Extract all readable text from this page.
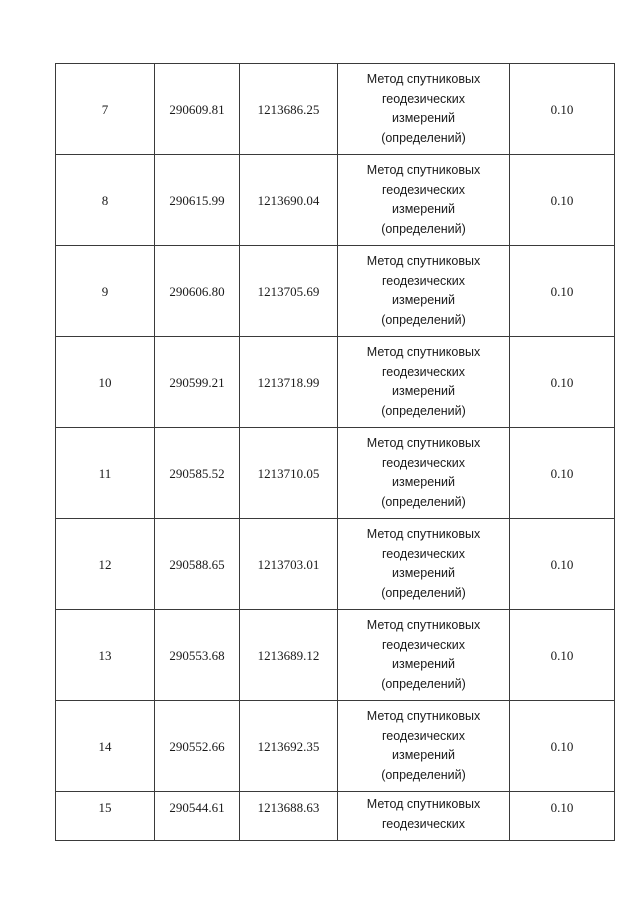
7	290609.81	1213686.25	Метод спутниковых
геодезических
измерений
(определений)	0.10
8	290615.99	1213690.04	Метод спутниковых
геодезических
измерений
(определений)	0.10
9	290606.80	1213705.69	Метод спутниковых
геодезических
измерений
(определений)	0.10
10	290599.21	1213718.99	Метод спутниковых
геодезических
измерений
(определений)	0.10
11	290585.52	1213710.05	Метод спутниковых
геодезических
измерений
(определений)	0.10
12	290588.65	1213703.01	Метод спутниковых
геодезических
измерений
(определений)	0.10
13	290553.68	1213689.12	Метод спутниковых
геодезических
измерений
(определений)	0.10
14	290552.66	1213692.35	Метод спутниковых
геодезических
измерений
(определений)	0.10
15	290544.61	1213688.63	Метод спутниковых
геодезических	0.10
